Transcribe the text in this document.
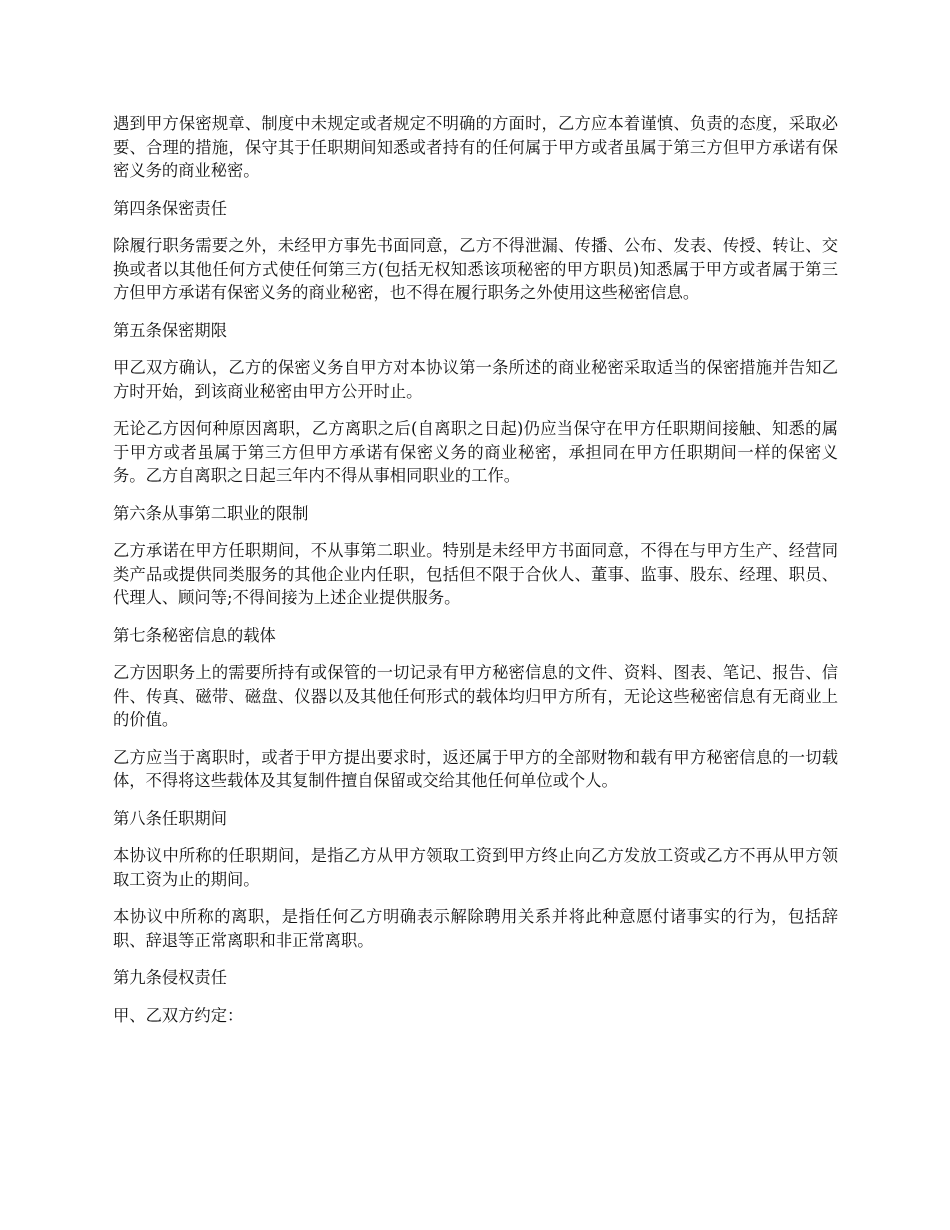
遇到甲方保密规章、制度中未规定或者规定不明确的方面时，乙方应本着谨慎、负责的态度，采取必要、合理的措施，保守其于任职期间知悉或者持有的任何属于甲方或者虽属于第三方但甲方承诺有保密义务的商业秘密。

第四条保密责任

除履行职务需要之外，未经甲方事先书面同意，乙方不得泄漏、传播、公布、发表、传授、转让、交换或者以其他任何方式使任何第三方(包括无权知悉该项秘密的甲方职员)知悉属于甲方或者属于第三方但甲方承诺有保密义务的商业秘密，也不得在履行职务之外使用这些秘密信息。

第五条保密期限

甲乙双方确认，乙方的保密义务自甲方对本协议第一条所述的商业秘密采取适当的保密措施并告知乙方时开始，到该商业秘密由甲方公开时止。

无论乙方因何种原因离职，乙方离职之后(自离职之日起)仍应当保守在甲方任职期间接触、知悉的属于甲方或者虽属于第三方但甲方承诺有保密义务的商业秘密，承担同在甲方任职期间一样的保密义务。乙方自离职之日起三年内不得从事相同职业的工作。

第六条从事第二职业的限制

乙方承诺在甲方任职期间，不从事第二职业。特别是未经甲方书面同意，不得在与甲方生产、经营同类产品或提供同类服务的其他企业内任职，包括但不限于合伙人、董事、监事、股东、经理、职员、代理人、顾问等;不得间接为上述企业提供服务。

第七条秘密信息的载体

乙方因职务上的需要所持有或保管的一切记录有甲方秘密信息的文件、资料、图表、笔记、报告、信件、传真、磁带、磁盘、仪器以及其他任何形式的载体均归甲方所有，无论这些秘密信息有无商业上的价值。

乙方应当于离职时，或者于甲方提出要求时，返还属于甲方的全部财物和载有甲方秘密信息的一切载体，不得将这些载体及其复制件擅自保留或交给其他任何单位或个人。

第八条任职期间

本协议中所称的任职期间，是指乙方从甲方领取工资到甲方终止向乙方发放工资或乙方不再从甲方领取工资为止的期间。

本协议中所称的离职，是指任何乙方明确表示解除聘用关系并将此种意愿付诸事实的行为，包括辞职、辞退等正常离职和非正常离职。

第九条侵权责任

甲、乙双方约定：
